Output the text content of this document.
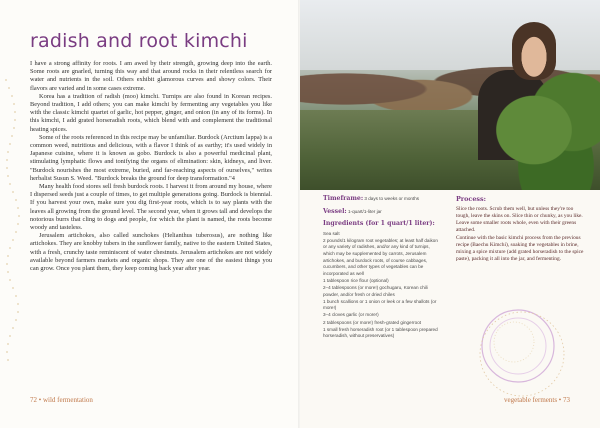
radish and root kimchi

I have a strong affinity for roots. I am awed by their strength, growing deep into the earth. Some roots are gnarled, turning this way and that around rocks in their relentless search for water and nutrients in the soil. Others exhibit glamorous curves and showy colors. Their flavors are varied and in some cases extreme.

Korea has a tradition of radish (moo) kimchi. Turnips are also found in Korean recipes. Beyond tradition, I add others; you can make kimchi by fermenting any vegetables you like with the classic kimchi quartet of garlic, hot pepper, ginger, and onion (in any of its forms). In this kimchi, I add grated horseradish roots, which blend with and complement the traditional heating spices.

Some of the roots referenced in this recipe may be unfamiliar. Burdock (Arctium lappa) is a common weed, nutritious and delicious, with a flavor I think of as earthy; it's used widely in Japanese cuisine, where it is known as gobo. Burdock is also a powerful medicinal plant, stimulating lymphatic flows and tonifying the organs of elimination: skin, kidneys, and liver. "Burdock nourishes the most extreme, buried, and far-reaching aspects of ourselves," writes herbalist Susun S. Weed. "Burdock breaks the ground for deep transformation."4

Many health food stores sell fresh burdock roots. I harvest it from around my house, where I dispersed seeds just a couple of times, to get multiple generations going. Burdock is biennial. If you harvest your own, make sure you dig first-year roots, which is to say plants with the leaves all growing from the ground level. The second year, when it grows tall and develops the notorious burrs that cling to dogs and people, for which the plant is named, the roots become woody and tasteless.

Jerusalem artichokes, also called sunchokes (Helianthus tuberosus), are nothing like artichokes. They are knobby tubers in the sunflower family, native to the eastern United States, with a fresh, crunchy taste reminiscent of water chestnuts. Jerusalem artichokes are not widely available beyond farmers markets and organic shops. They are one of the easiest things you can grow. Once you plant them, they keep coming back year after year.

72 • wild fermentation
Timeframe: 3 days to weeks or months
Vessel: 1-quart/1-liter jar
Ingredients (for 1 quart/1 liter):
Sea salt
2 pounds/1 kilogram root vegetables; at least half daikon or any variety of radishes, and/or any kind of turnips, which may be supplemented by carrots, Jerusalem artichokes, and burdock roots, of course cabbages, cucumbers, and other types of vegetables can be incorporated as well
1 tablespoon rice flour (optional)
2–4 tablespoons (or more!) gochugaru, Korean chili powder, and/or fresh or dried chiles
1 bunch scallions or 1 onion or leek or a few shallots (or more!)
3–4 cloves garlic (or more!)
2 tablespoons (or more!) fresh-grated gingerroot
1 small fresh horseradish root (or 1 tablespoon prepared horseradish, without preservatives)
Process:

Slice the roots. Scrub them well, but unless they're too tough, leave the skins on. Slice thin or chunky, as you like. Leave some smaller roots whole, even with their greens attached.

Continue with the basic kimchi process from the previous recipe (Baechu Kimchi), soaking the vegetables in brine, mixing a spice mixture (add grated horseradish to the spice paste), packing it all into the jar, and fermenting.

vegetable ferments • 73
